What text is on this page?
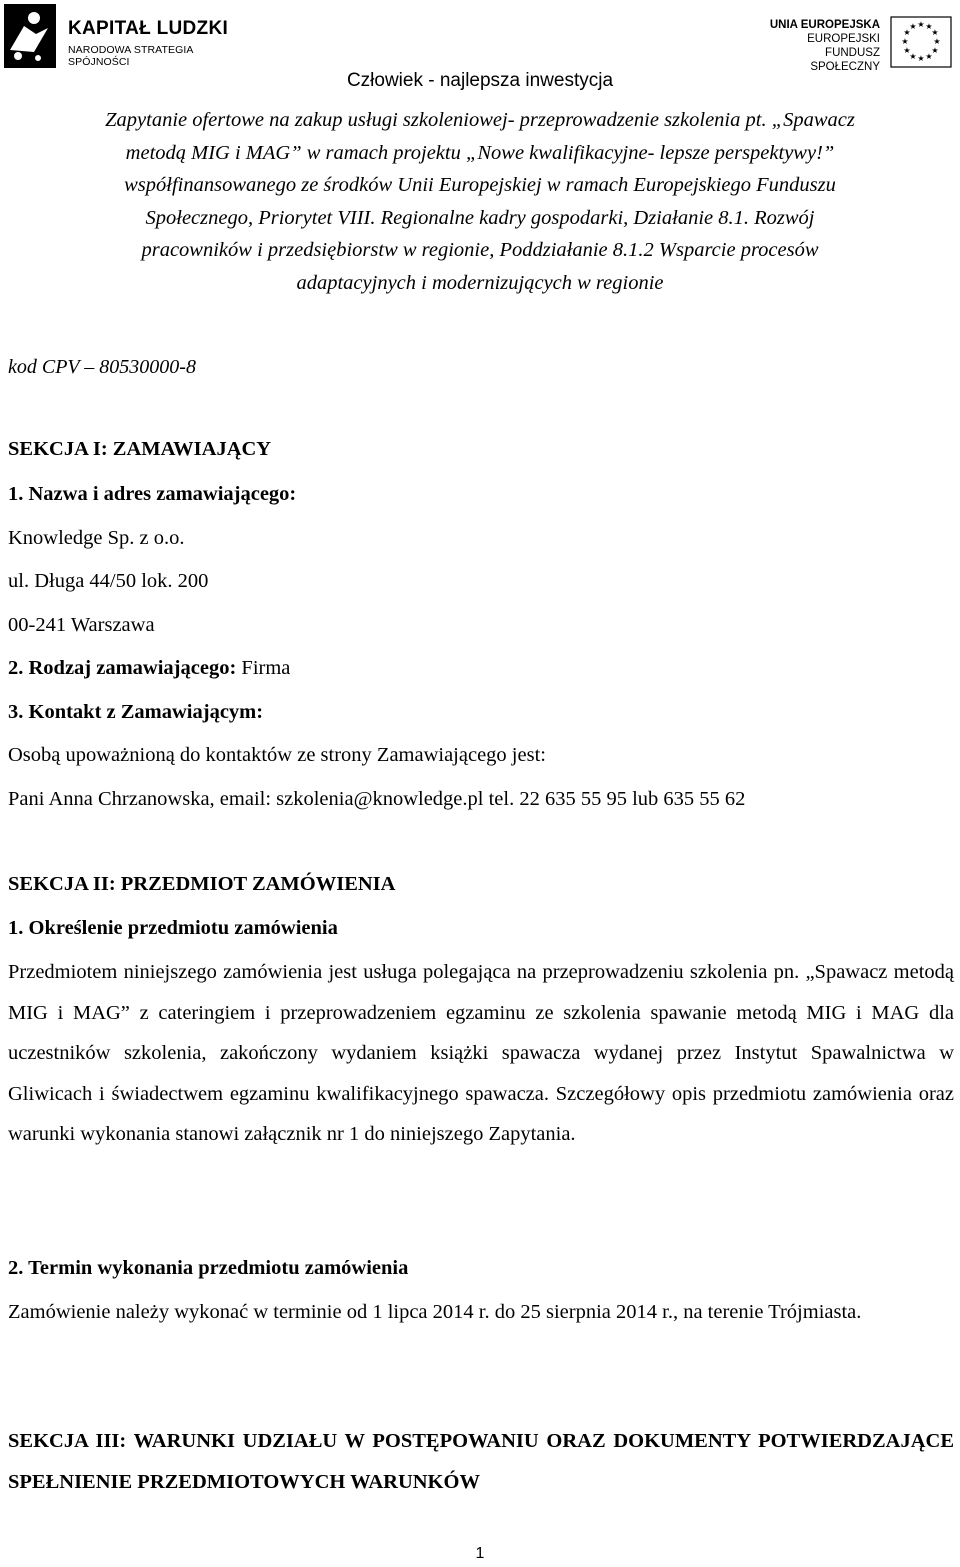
KAPITAŁ LUDZKI
NARODOWA STRATEGIA SPÓJNOŚCI
UNIA EUROPEJSKA
EUROPEJSKI
FUNDUSZ SPOŁECZNY
★ ★
★
★
★
★
★
★
★
★
★
★
Człowiek - najlepsza inwestycja
Zapytanie ofertowe na zakup usługi szkoleniowej- przeprowadzenie szkolenia pt. „Spawacz
metodą MIG i MAG” w ramach projektu „Nowe kwalifikacyjne- lepsze perspektywy!”
współfinansowanego ze środków Unii Europejskiej w ramach Europejskiego Funduszu
Społecznego, Priorytet VIII. Regionalne kadry gospodarki, Działanie 8.1. Rozwój
pracowników i przedsiębiorstw w regionie, Poddziałanie 8.1.2 Wsparcie procesów
adaptacyjnych i modernizujących w regionie
kod CPV – 80530000-8
SEKCJA I: ZAMAWIAJĄCY
1. Nazwa i adres zamawiającego:
Knowledge Sp. z o.o.
ul. Długa 44/50 lok. 200
00-241 Warszawa
2. Rodzaj zamawiającego: Firma
3. Kontakt z Zamawiającym:
Osobą upoważnioną do kontaktów ze strony Zamawiającego jest:
Pani Anna Chrzanowska, email: szkolenia@knowledge.pl tel. 22 635 55 95 lub 635 55 62
SEKCJA II: PRZEDMIOT ZAMÓWIENIA
1. Określenie przedmiotu zamówienia
Przedmiotem niniejszego zamówienia jest usługa polegająca na przeprowadzeniu szkolenia pn. „Spawacz metodą MIG i MAG” z cateringiem i przeprowadzeniem egzaminu ze szkolenia spawanie metodą MIG i MAG dla uczestników szkolenia, zakończony wydaniem książki spawacza wydanej przez Instytut Spawalnictwa w Gliwicach i świadectwem egzaminu kwalifikacyjnego spawacza. Szczegółowy opis przedmiotu zamówienia oraz warunki wykonania stanowi załącznik nr 1 do niniejszego Zapytania.
2. Termin wykonania przedmiotu zamówienia
Zamówienie należy wykonać w terminie od 1 lipca 2014 r. do 25 sierpnia 2014 r., na terenie Trójmiasta.
SEKCJA III: WARUNKI UDZIAŁU W POSTĘPOWANIU ORAZ DOKUMENTY POTWIERDZAJĄCE SPEŁNIENIE PRZEDMIOTOWYCH WARUNKÓW
1
